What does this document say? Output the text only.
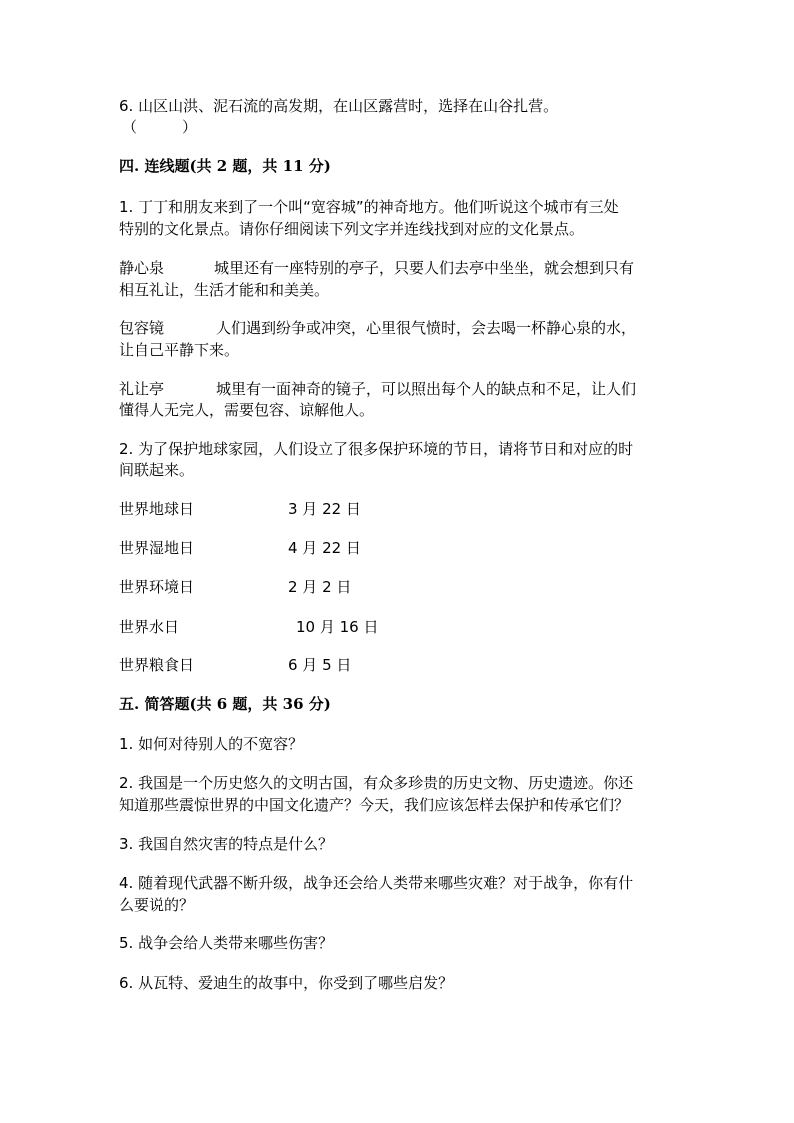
6. 山区山洪、泥石流的高发期，在山区露营时，选择在山谷扎营。
（　　　）
四. 连线题(共 2 题，共 11 分)
1. 丁丁和朋友来到了一个叫“宽容城”的神奇地方。他们听说这个城市有三处
特别的文化景点。请你仔细阅读下列文字并连线找到对应的文化景点。
静心泉	城里还有一座特别的亭子，只要人们去亭中坐坐，就会想到只有
相互礼让，生活才能和和美美。
包容镜	人们遇到纷争或冲突，心里很气愤时，会去喝一杯静心泉的水，
让自己平静下来。
礼让亭	城里有一面神奇的镜子，可以照出每个人的缺点和不足，让人们
懂得人无完人，需要包容、谅解他人。
2. 为了保护地球家园，人们设立了很多保护环境的节日，请将节日和对应的时
间联起来。
世界地球日	3 月 22 日
世界湿地日	4 月 22 日
世界环境日	2 月 2 日
世界水日	10 月 16 日
世界粮食日	6 月 5 日
五. 简答题(共 6 题，共 36 分)
1. 如何对待别人的不宽容？
2. 我国是一个历史悠久的文明古国，有众多珍贵的历史文物、历史遗迹。你还
知道那些震惊世界的中国文化遗产？今天，我们应该怎样去保护和传承它们？
3. 我国自然灾害的特点是什么？
4. 随着现代武器不断升级，战争还会给人类带来哪些灾难？对于战争，你有什
么要说的？
5. 战争会给人类带来哪些伤害？
6. 从瓦特、爱迪生的故事中，你受到了哪些启发？
